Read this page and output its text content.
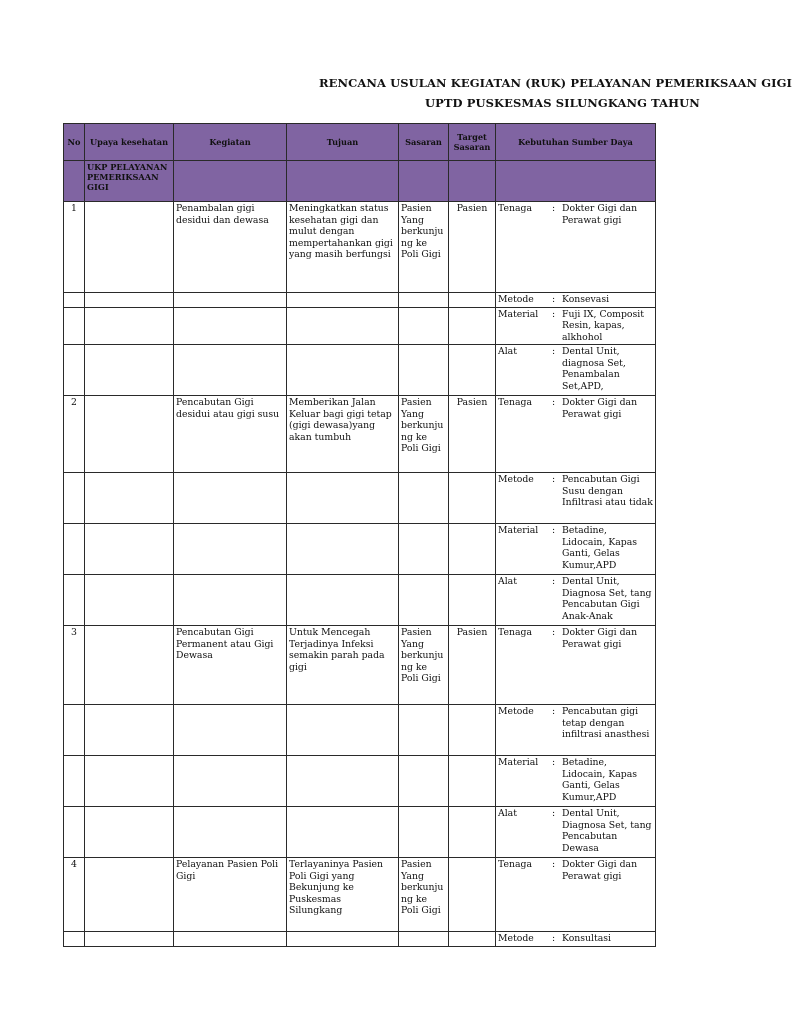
RENCANA USULAN KEGIATAN (RUK) PELAYANAN PEMERIKSAAN GIGI
UPTD PUSKESMAS SILUNGKANG TAHUN
No	Upaya kesehatan	Kegiatan	Tujuan	Sasaran	Target Sasaran	Kebutuhan Sumber Daya
	UKP PELAYANAN PEMERIKSAAN GIGI					
1		Penambalan gigi desidui dan dewasa	Meningkatkan status kesehatan gigi dan mulut dengan mempertahankan gigi yang masih berfungsi	Pasien Yang berkunju ng ke Poli Gigi	Pasien	Tenaga : Dokter Gigi dan Perawat gigi

						Metode : Konsevasi

						Material : Fuji IX, Composit Resin, kapas, alkhohol

						Alat : Dental Unit, diagnosa Set, Penambalan Set,APD,

2		Pencabutan Gigi desidui atau gigi susu	Memberikan Jalan Keluar bagi gigi tetap (gigi dewasa)yang akan tumbuh	Pasien Yang berkunju ng ke Poli Gigi	Pasien	Tenaga : Dokter Gigi dan Perawat gigi

						Metode : Pencabutan Gigi Susu dengan Infiltrasi atau tidak

						Material : Betadine, Lidocain, Kapas Ganti, Gelas Kumur,APD

						Alat : Dental Unit, Diagnosa Set, tang Pencabutan Gigi Anak-Anak

3		Pencabutan Gigi Permanent atau Gigi Dewasa	Untuk Mencegah Terjadinya Infeksi semakin parah pada gigi	Pasien Yang berkunju ng ke Poli Gigi	Pasien	Tenaga : Dokter Gigi dan Perawat gigi

						Metode : Pencabutan gigi tetap dengan infiltrasi anasthesi

						Material : Betadine, Lidocain, Kapas Ganti, Gelas Kumur,APD

						Alat : Dental Unit, Diagnosa Set, tang Pencabutan Dewasa

4		Pelayanan Pasien Poli Gigi	Terlayaninya Pasien Poli Gigi yang Bekunjung ke Puskesmas Silungkang	Pasien Yang berkunju ng ke Poli Gigi		Tenaga : Dokter Gigi dan Perawat gigi

						Metode : Konsultasi
